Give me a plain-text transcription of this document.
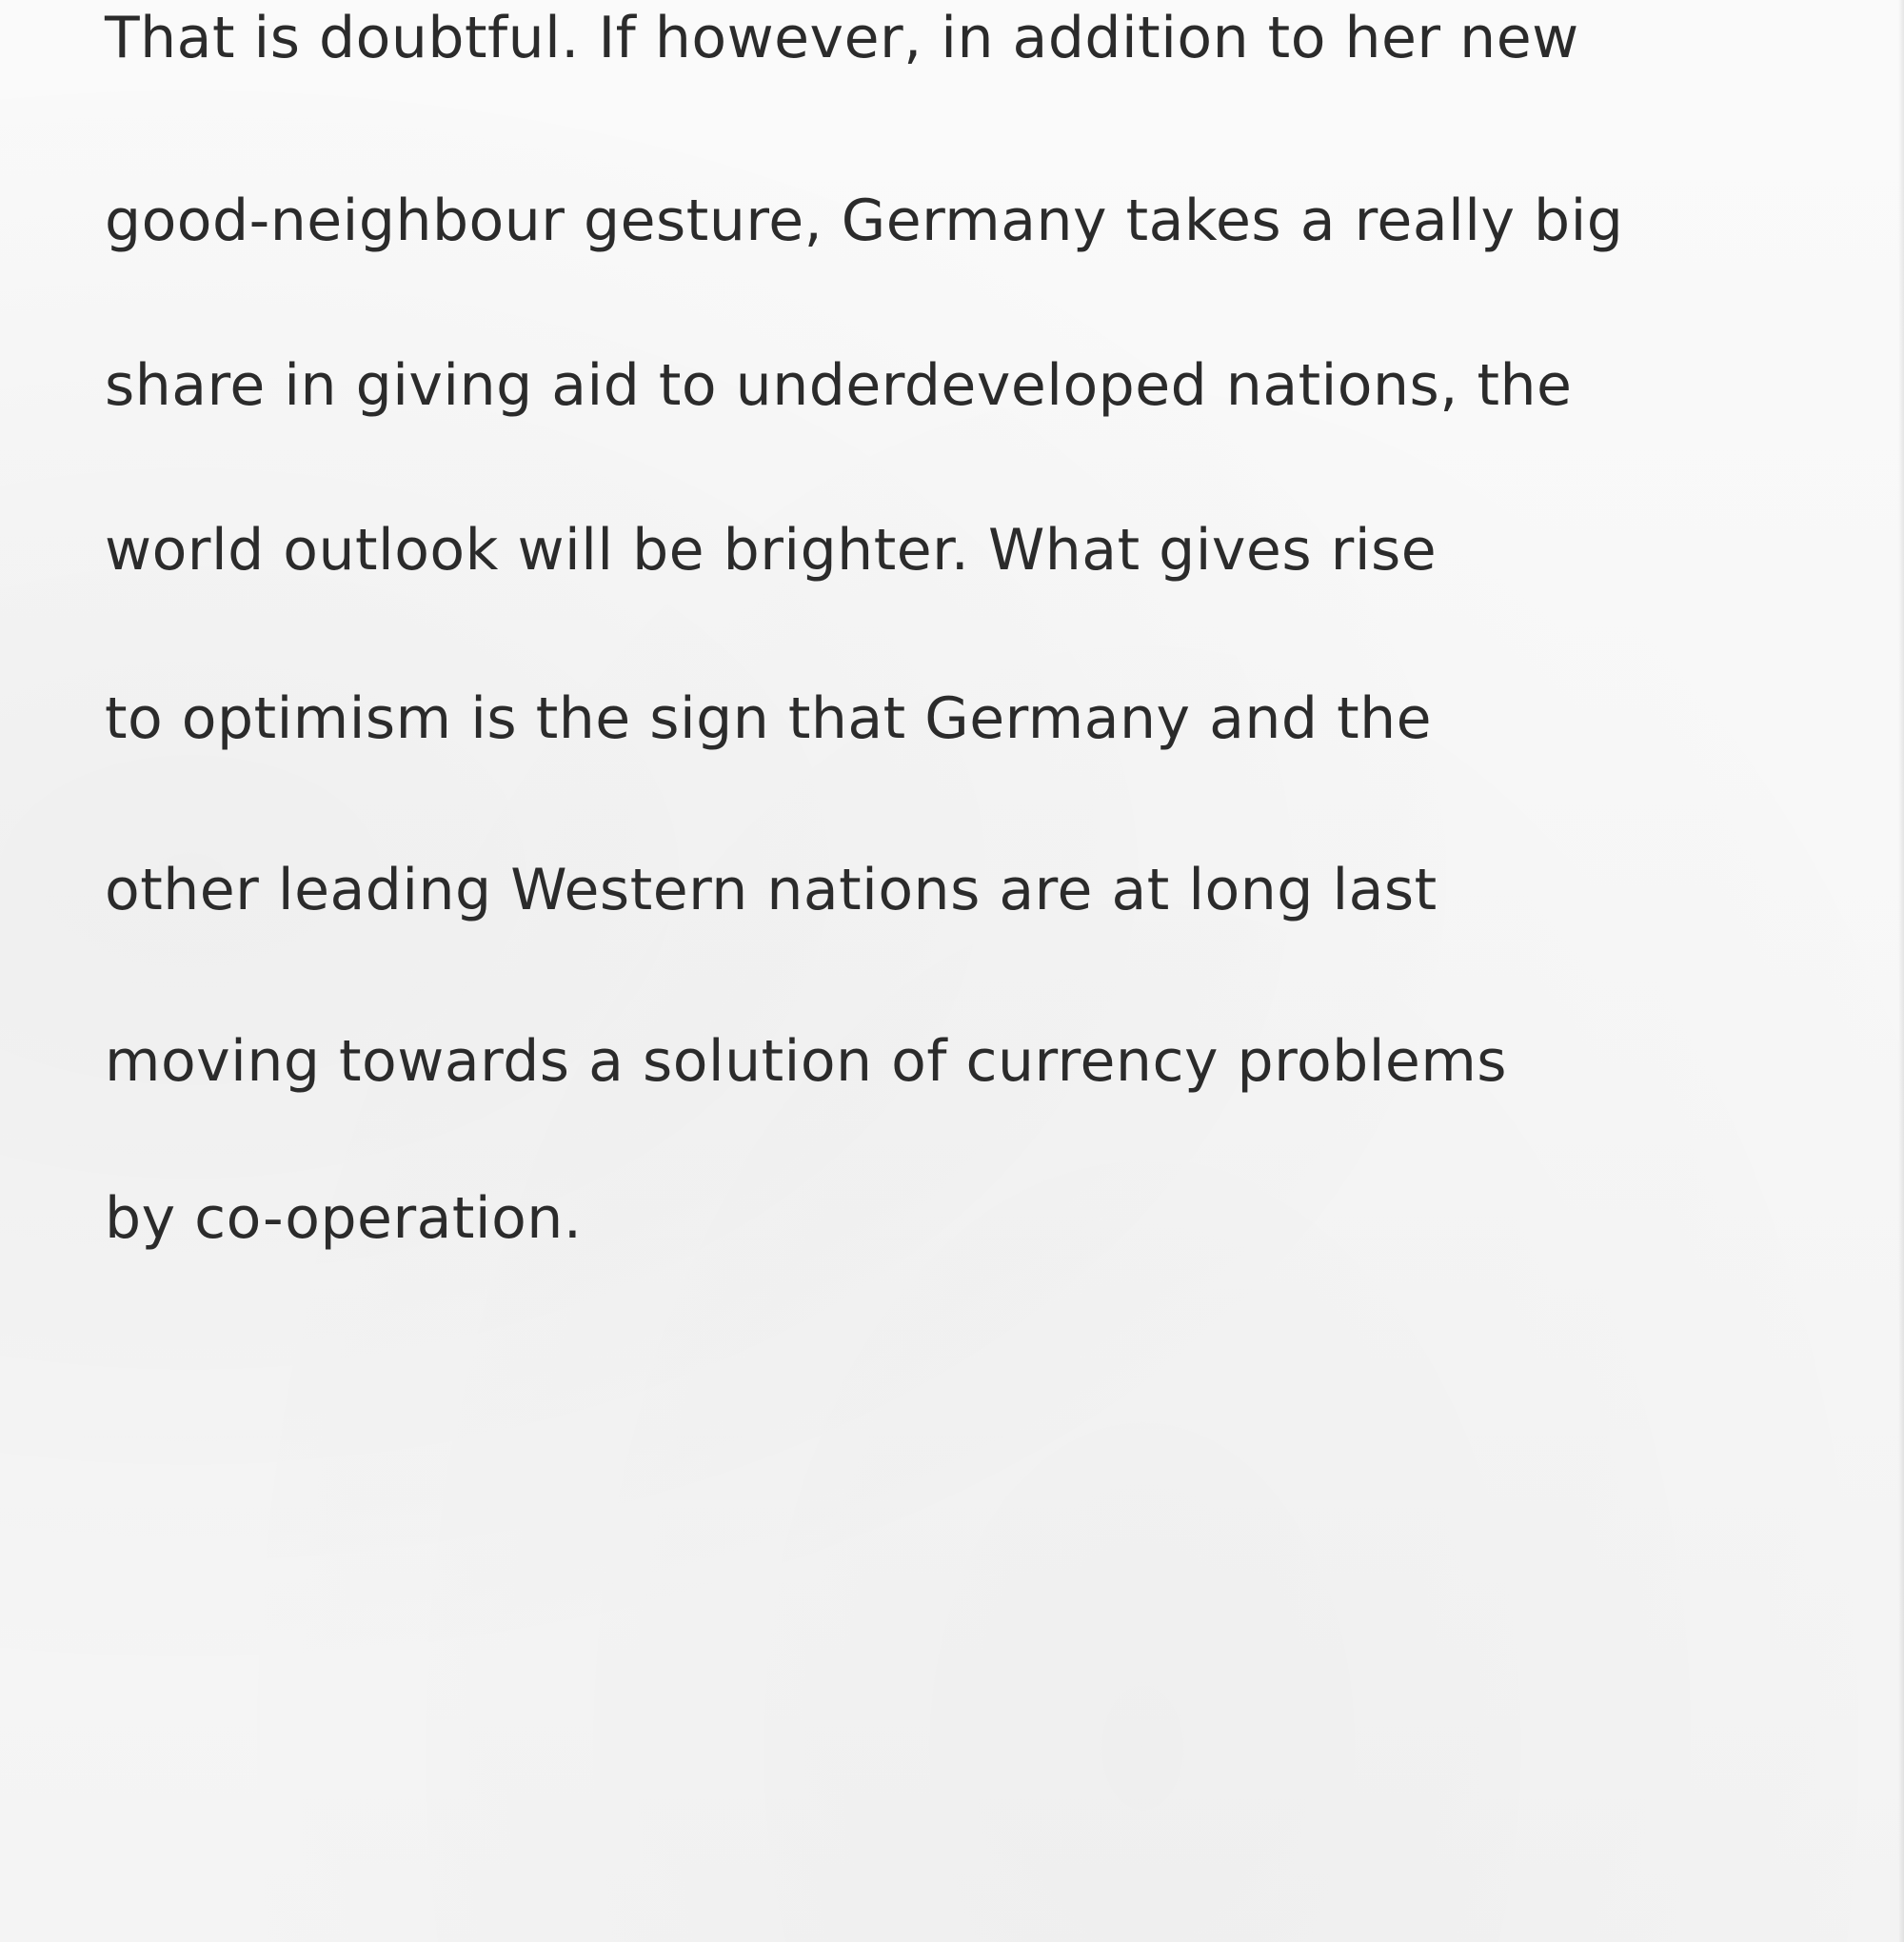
That is doubtful. If however, in addition to her new
good-neighbour gesture, Germany takes a really big
share in giving aid to underdeveloped nations, the
world outlook will be brighter. What gives rise
to optimism is the sign that Germany and the
other leading Western nations are at long last
moving towards a solution of currency problems
by co-operation.
